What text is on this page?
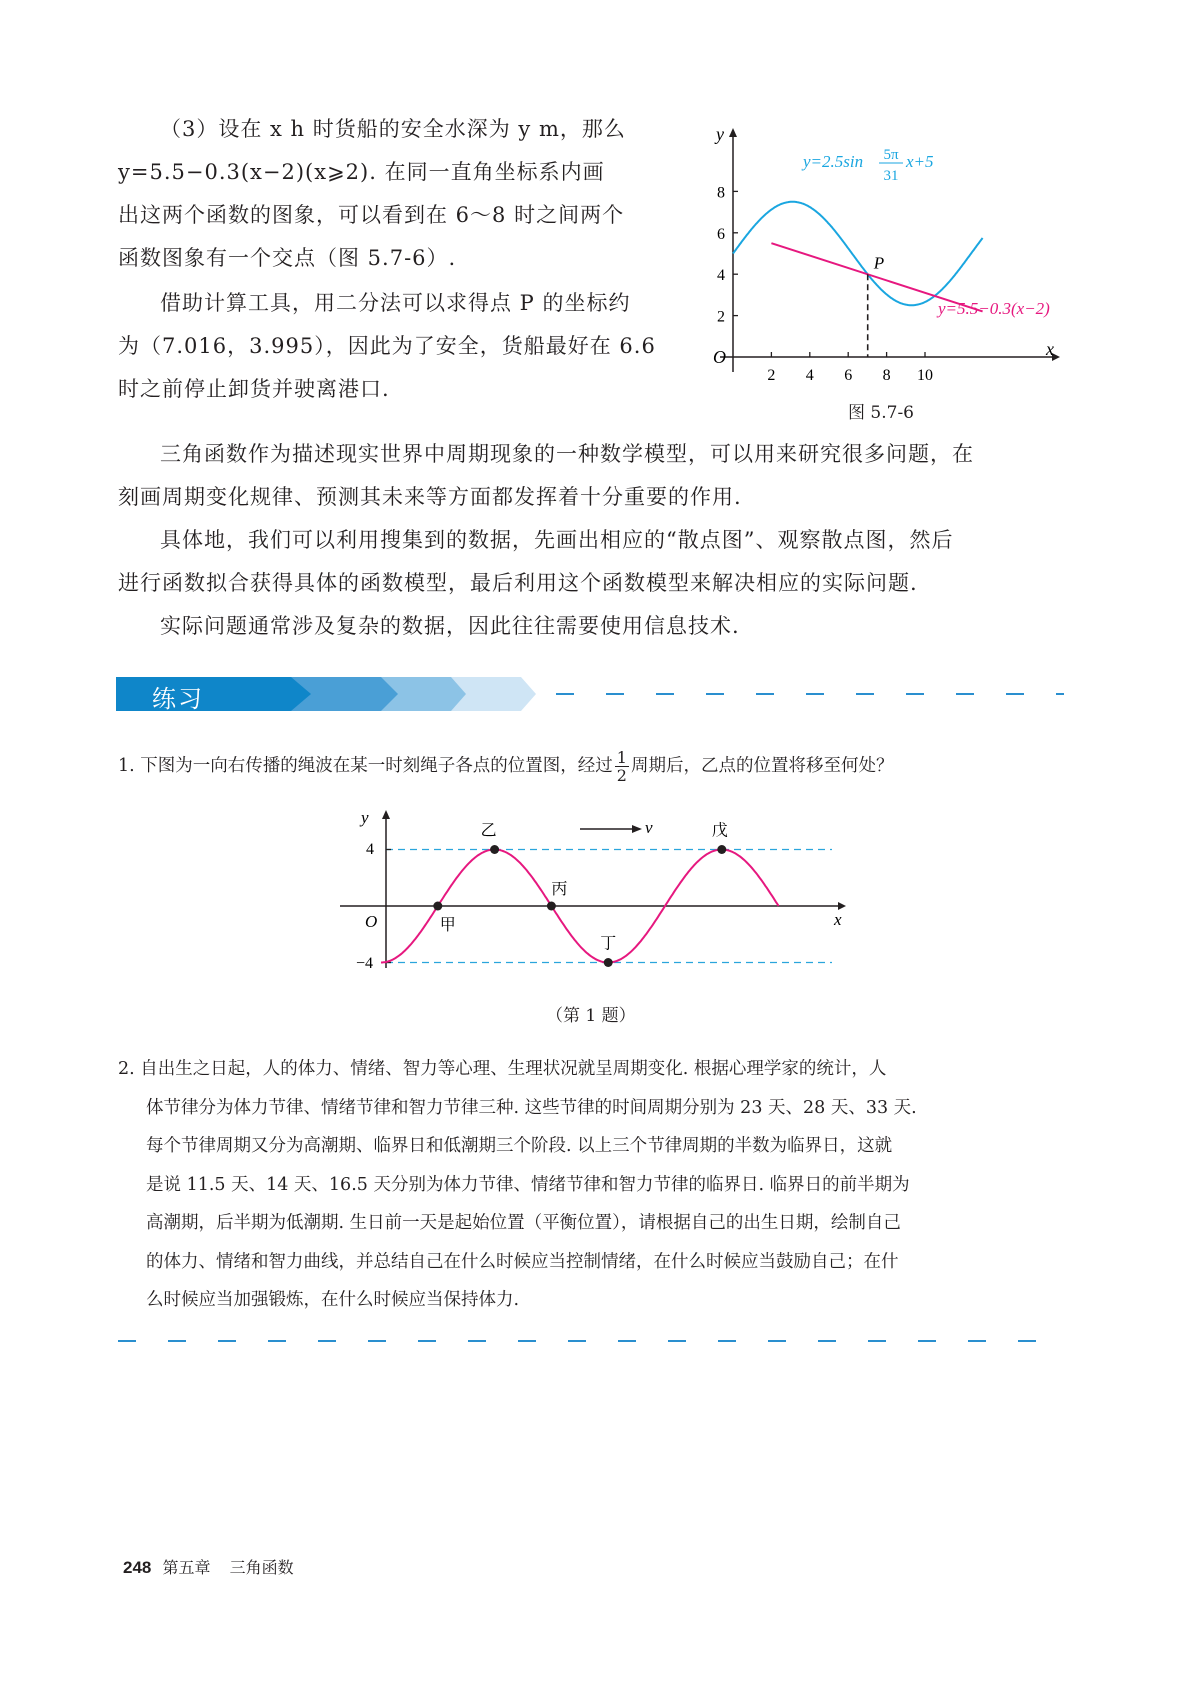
（3）设在 x h 时货船的安全水深为 y m，那么
y=5.5−0.3(x−2)(x⩾2). 在同一直角坐标系内画
出这两个函数的图象，可以看到在 6～8 时之间两个
函数图象有一个交点（图 5.7-6）.
借助计算工具，用二分法可以求得点 P 的坐标约
为（7.016，3.995），因此为了安全，货船最好在 6.6
时之前停止卸货并驶离港口.
2 4 6 8 10
2
4
6
8
y
x
O
P
y=2.5sin 5π
31
x+5
y=5.5−0.3(x−2)
图 5.7-6
三角函数作为描述现实世界中周期现象的一种数学模型，可以用来研究很多问题，在
刻画周期变化规律、预测其未来等方面都发挥着十分重要的作用.
具体地，我们可以利用搜集到的数据，先画出相应的“散点图”、观察散点图，然后
进行函数拟合获得具体的函数模型，最后利用这个函数模型来解决相应的实际问题.
实际问题通常涉及复杂的数据，因此往往需要使用信息技术.
练习
1. 下图为一向右传播的绳波在某一时刻绳子各点的位置图，经过 $\frac{1}{2}$ 周期后，乙点的位置将移至何处？
y
x
O
4
−4
v
甲
乙
丙
丁
戊
（第 1 题）
2. 自出生之日起，人的体力、情绪、智力等心理、生理状况就呈周期变化. 根据心理学家的统计，人
体节律分为体力节律、情绪节律和智力节律三种. 这些节律的时间周期分别为 23 天、28 天、33 天.
每个节律周期又分为高潮期、临界日和低潮期三个阶段. 以上三个节律周期的半数为临界日，这就
是说 11.5 天、14 天、16.5 天分别为体力节律、情绪节律和智力节律的临界日. 临界日的前半期为
高潮期，后半期为低潮期. 生日前一天是起始位置（平衡位置），请根据自己的出生日期，绘制自己
的体力、情绪和智力曲线，并总结自己在什么时候应当控制情绪，在什么时候应当鼓励自己；在什
么时候应当加强锻炼，在什么时候应当保持体力.
248 第五章 三角函数
